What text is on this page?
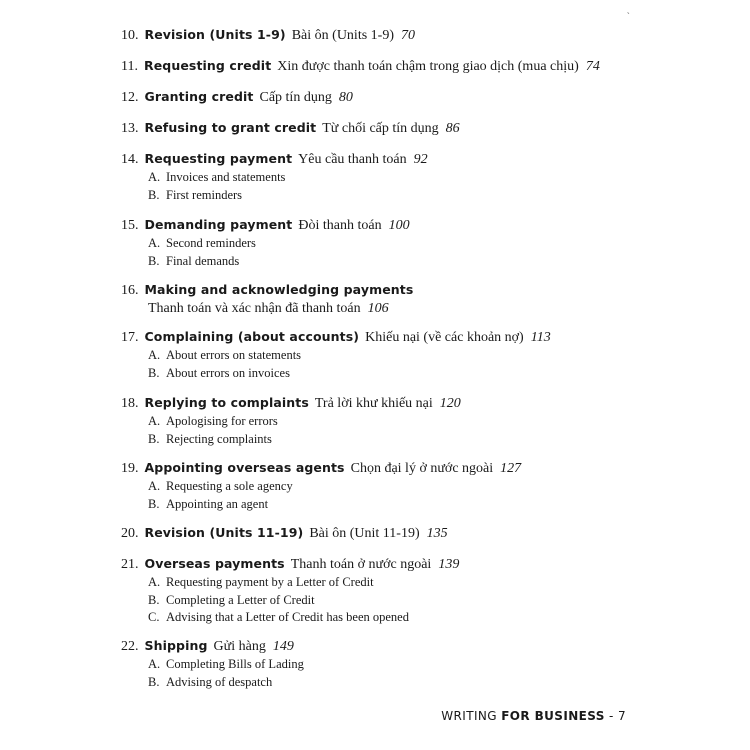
`
10. Revision (Units 1-9) Bài ôn (Units 1-9) 70
11. Requesting credit Xin được thanh toán chậm trong giao dịch (mua chịu) 74
12. Granting credit Cấp tín dụng 80
13. Refusing to grant credit Từ chối cấp tín dụng 86
14. Requesting payment Yêu cầu thanh toán 92
A. Invoices and statements
B. First reminders
15. Demanding payment Đòi thanh toán 100
A. Second reminders
B. Final demands
16. Making and acknowledging payments
Thanh toán và xác nhận đã thanh toán 106
17. Complaining (about accounts) Khiếu nại (về các khoản nợ) 113
A. About errors on statements
B. About errors on invoices
18. Replying to complaints Trả lời khư khiếu nại 120
A. Apologising for errors
B. Rejecting complaints
19. Appointing overseas agents Chọn đại lý ở nước ngoài 127
A. Requesting a sole agency
B. Appointing an agent
20. Revision (Units 11-19) Bài ôn (Unit 11-19) 135
21. Overseas payments Thanh toán ở nước ngoài 139
A. Requesting payment by a Letter of Credit
B. Completing a Letter of Credit
C. Advising that a Letter of Credit has been opened
22. Shipping Gửi hàng 149
A. Completing Bills of Lading
B. Advising of despatch
WRITING FOR BUSINESS - 7
